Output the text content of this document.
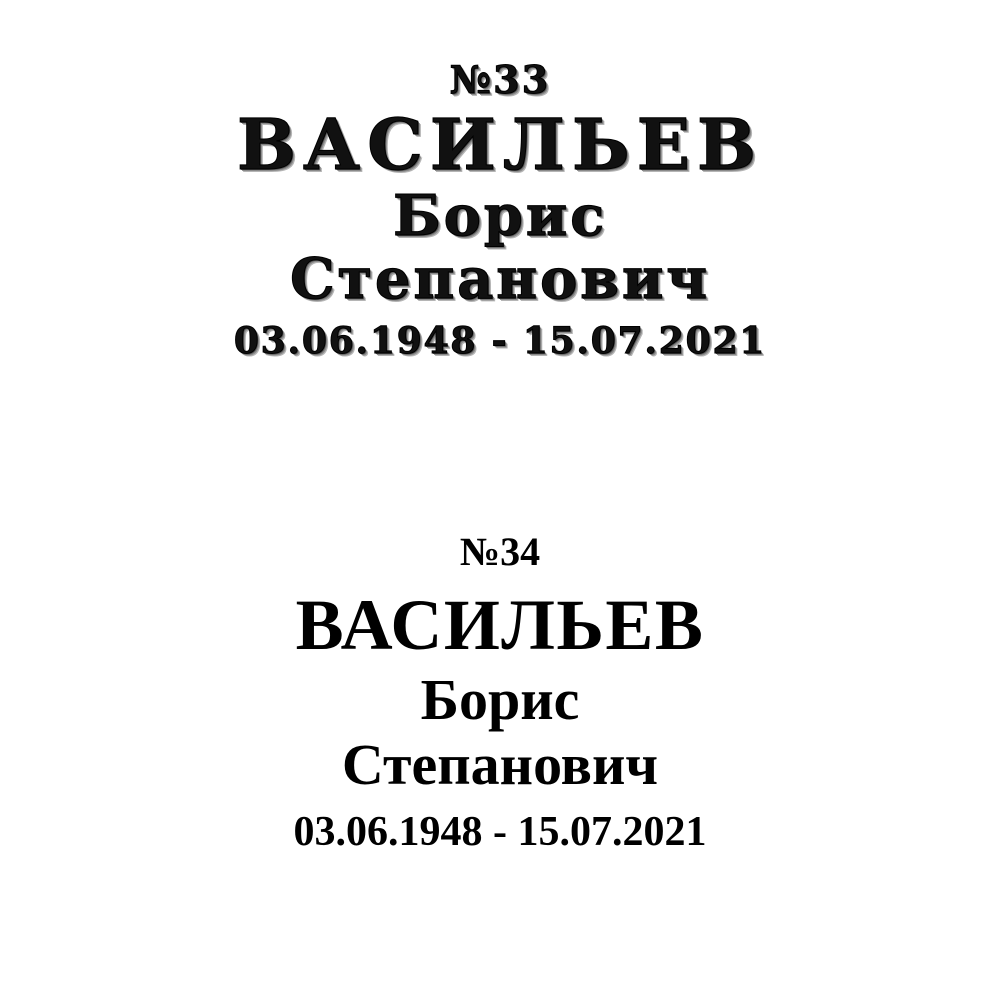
№33
ВАСИЛЬЕВ
Борис
Степанович
03.06.1948 - 15.07.2021
№34
ВАСИЛЬЕВ
Борис
Степанович
03.06.1948 - 15.07.2021
